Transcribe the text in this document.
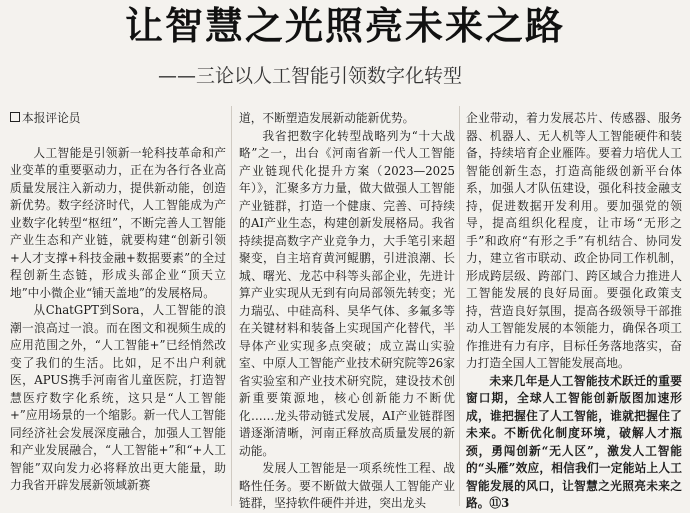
让智慧之光照亮未来之路
——三论以人工智能引领数字化转型

本报评论员

人工智能是引领新一轮科技革命和产业变革的重要驱动力，正在为各行各业高质量发展注入新动力，提供新动能，创造新优势。数字经济时代，人工智能成为产业数字化转型“枢纽”，不断完善人工智能产业生态和产业链，就要构建“创新引领+人才支撑+科技金融+数据要素”的全过程创新生态链，形成头部企业“顶天立地”中小微企业“铺天盖地”的发展格局。

从ChatGPT到Sora，人工智能的浪潮一浪高过一浪。而在图文和视频生成的应用范围之外，“人工智能+”已经悄然改变了我们的生活。比如，足不出户利就医，APUS携手河南省儿童医院，打造智慧医疗数字化系统，这只是“人工智能+”应用场景的一个缩影。新一代人工智能同经济社会发展深度融合，加强人工智能和产业发展融合，“人工智能+”和“+人工智能”双向发力必将释放出更大能量，助力我省开辟发展新领域新赛

道，不断塑造发展新动能新优势。

我省把数字化转型战略列为“十大战略”之一，出台《河南省新一代人工智能产业链现代化提升方案（2023—2025年）》，汇聚多方力量，做大做强人工智能产业链群，打造一个健康、完善、可持续的AI产业生态，构建创新发展格局。我省持续提高数字产业竞争力，大手笔引来超聚变，自主培育黄河鲲鹏，引进浪潮、长城、曙光、龙芯中科等头部企业，先进计算产业实现从无到有向局部领先转变；光力瑞弘、中硅高科、昊华气体、多氟多等在关键材料和装备上实现国产化替代，半导体产业实现多点突破；成立嵩山实验室、中原人工智能产业技术研究院等26家省实验室和产业技术研究院，建设技术创新重要策源地，核心创新能力不断优化……龙头带动链式发展，AI产业链群图谱逐渐清晰，河南正释放高质量发展的新动能。

发展人工智能是一项系统性工程、战略性任务。要不断做大做强人工智能产业链群，坚持软件硬件并进，突出龙头

企业带动，着力发展芯片、传感器、服务器、机器人、无人机等人工智能硬件和装备，持续培育企业雁阵。要着力培优人工智能创新生态，打造高能级创新平台体系，加强人才队伍建设，强化科技金融支持，促进数据开发利用。要加强党的领导，提高组织化程度，让市场“无形之手”和政府“有形之手”有机结合、协同发力，建立省市联动、政企协同工作机制，形成跨层级、跨部门、跨区域合力推进人工智能发展的良好局面。要强化政策支持，营造良好氛围，提高各级领导干部推动人工智能发展的本领能力，确保各项工作推进有力有序，目标任务落地落实，奋力打造全国人工智能发展高地。

未来几年是人工智能技术跃迁的重要窗口期，全球人工智能创新版图加速形成，谁把握住了人工智能，谁就把握住了未来。不断优化制度环境，破解人才瓶颈，勇闯创新“无人区”，激发人工智能的“头雁”效应，相信我们一定能站上人工智能发展的风口，让智慧之光照亮未来之路。⑪3
